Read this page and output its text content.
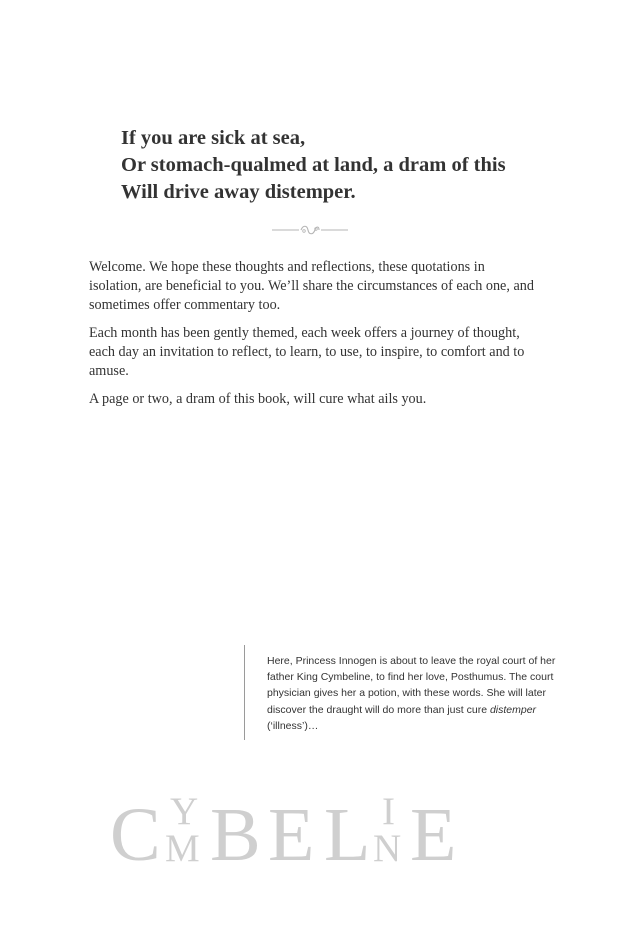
If you are sick at sea,
Or stomach-qualmed at land, a dram of this
Will drive away distemper.

Welcome. We hope these thoughts and reflections, these quotations in isolation, are beneficial to you. We’ll share the circumstances of each one, and sometimes offer commentary too.

Each month has been gently themed, each week offers a journey of thought, each day an invitation to reflect, to learn, to use, to inspire, to comfort and to amuse.

A page or two, a dram of this book, will cure what ails you.

Here, Princess Innogen is about to leave the royal court of her father King Cymbeline, to find her love, Posthumus. The court physician gives her a potion, with these words. She will later discover the draught will do more than just cure distemper (‘illness’)…
C Y
M B E L I
N E
